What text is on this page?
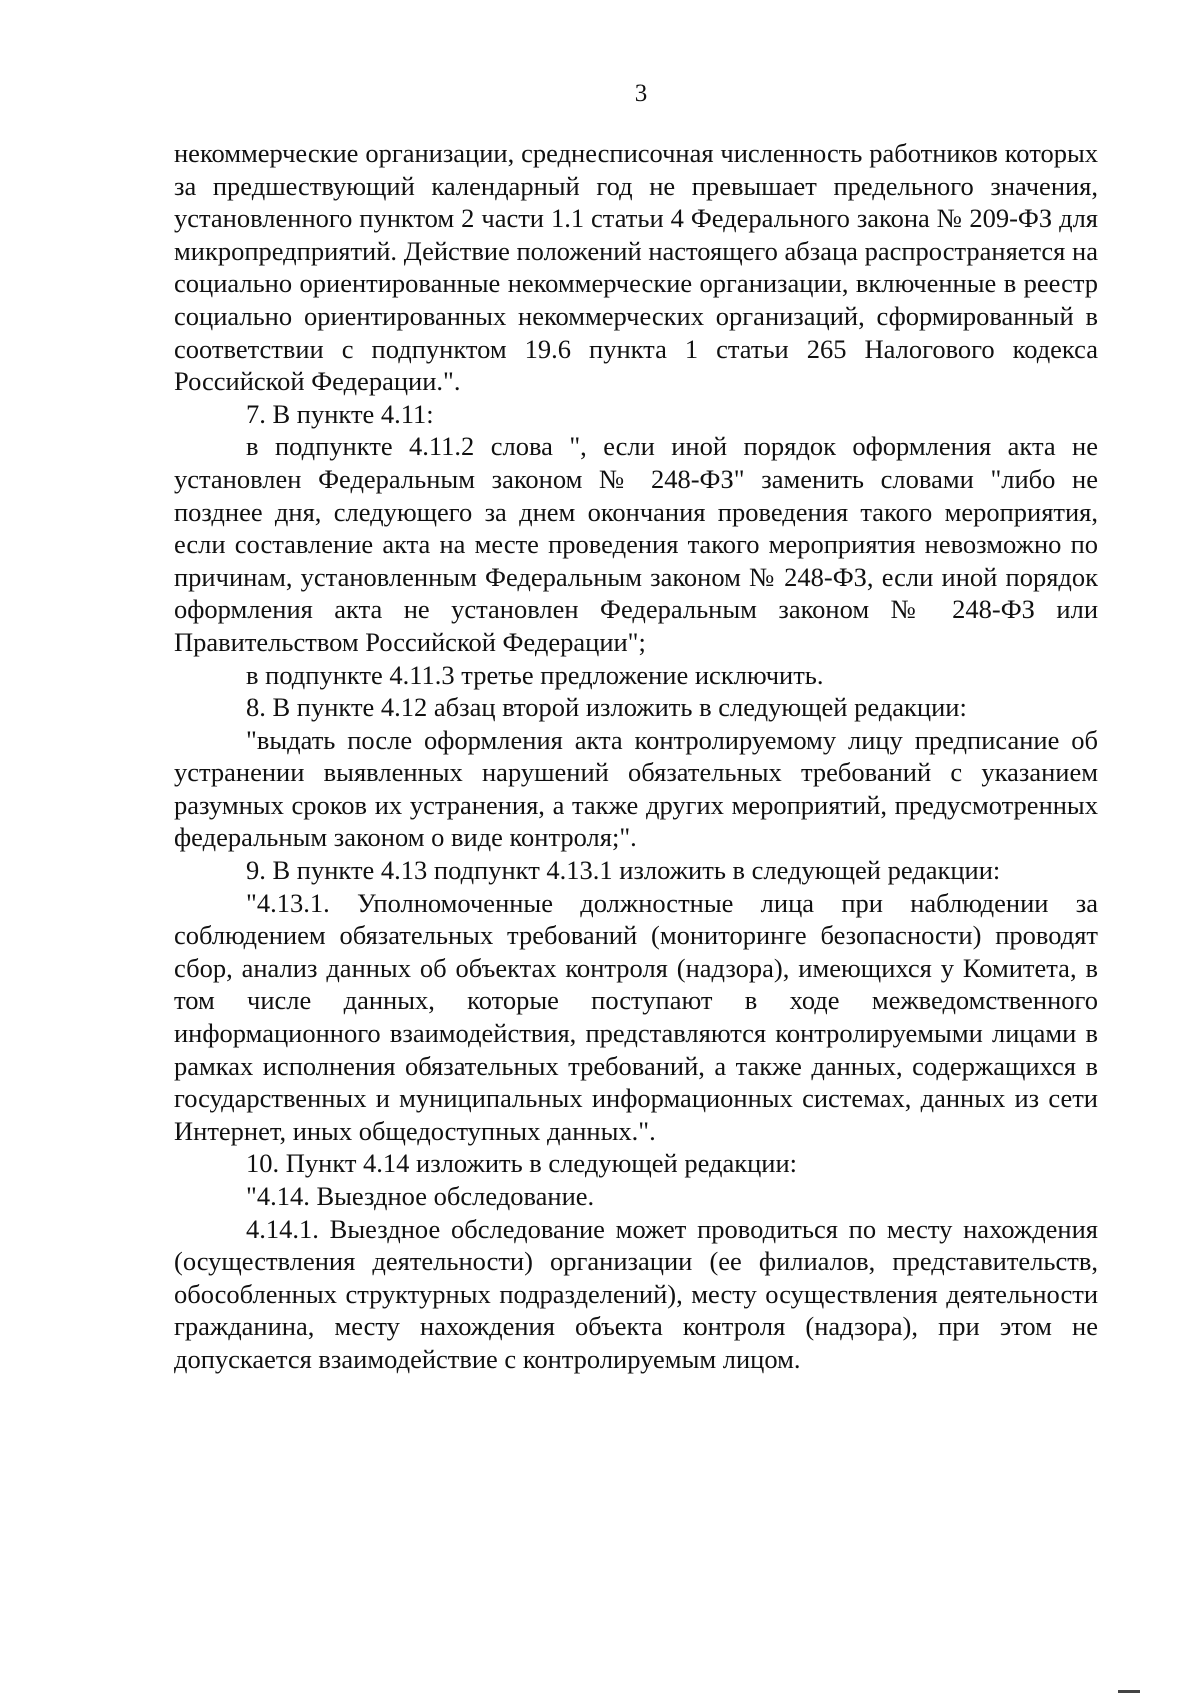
3

некоммерческие организации, среднесписочная численность работников которых за предшествующий календарный год не превышает предельного значения, установленного пунктом 2 части 1.1 статьи 4 Федерального закона № 209-ФЗ для микропредприятий. Действие положений настоящего абзаца распространяется на социально ориентированные некоммерческие организации, включенные в реестр социально ориентированных некоммерческих организаций, сформированный в соответствии с подпунктом 19.6 пункта 1 статьи 265 Налогового кодекса Российской Федерации.".

7. В пункте 4.11:

в подпункте 4.11.2 слова ", если иной порядок оформления акта не установлен Федеральным законом № 248-ФЗ" заменить словами "либо не позднее дня, следующего за днем окончания проведения такого мероприятия, если составление акта на месте проведения такого мероприятия невозможно по причинам, установленным Федеральным законом № 248-ФЗ, если иной порядок оформления акта не установлен Федеральным законом № 248-ФЗ или Правительством Российской Федерации";

в подпункте 4.11.3 третье предложение исключить.

8. В пункте 4.12 абзац второй изложить в следующей редакции:

"выдать после оформления акта контролируемому лицу предписание об устранении выявленных нарушений обязательных требований с указанием разумных сроков их устранения, а также других мероприятий, предусмотренных федеральным законом о виде контроля;".

9. В пункте 4.13 подпункт 4.13.1 изложить в следующей редакции:

"4.13.1. Уполномоченные должностные лица при наблюдении за соблюдением обязательных требований (мониторинге безопасности) проводят сбор, анализ данных об объектах контроля (надзора), имеющихся у Комитета, в том числе данных, которые поступают в ходе межведомственного информационного взаимодействия, представляются контролируемыми лицами в рамках исполнения обязательных требований, а также данных, содержащихся в государственных и муниципальных информационных системах, данных из сети Интернет, иных общедоступных данных.".

10. Пункт 4.14 изложить в следующей редакции:

"4.14. Выездное обследование.

4.14.1. Выездное обследование может проводиться по месту нахождения (осуществления деятельности) организации (ее филиалов, представительств, обособленных структурных подразделений), месту осуществления деятельности гражданина, месту нахождения объекта контроля (надзора), при этом не допускается взаимодействие с контролируемым лицом.
